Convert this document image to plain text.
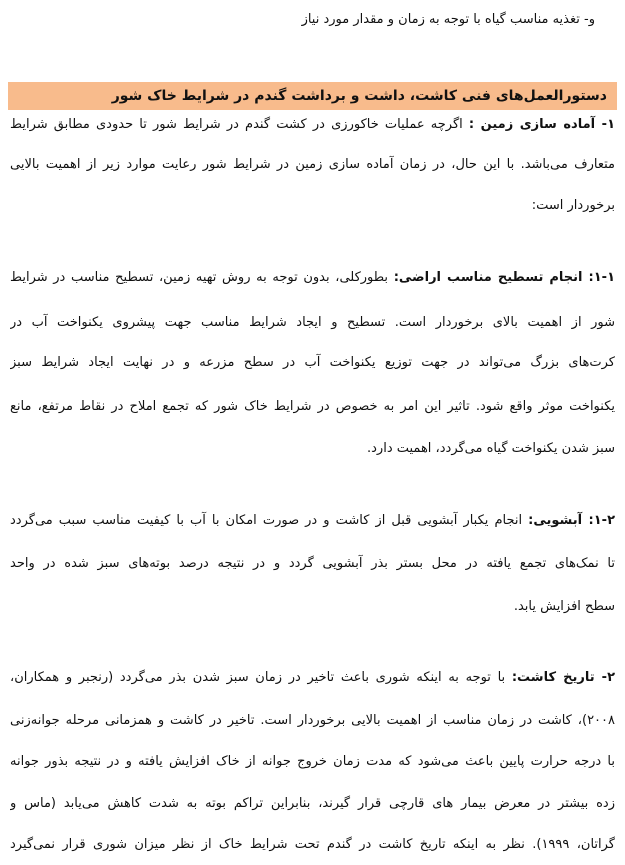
و- تغذیه مناسب گیاه با توجه به زمان و مقدار مورد نیاز
دستورالعمل‌های فنی کاشت، داشت و برداشت گندم در شرایط خاک شور
۱- آماده سازی زمین : اگرچه عملیات خاکورزی در کشت گندم در شرایط شور تا حدودی مطابق شرایط
متعارف می‌باشد. با این حال، در زمان آماده سازی زمین در شرایط شور رعایت موارد زیر از اهمیت بالایی
برخوردار است:
۱-۱: انجام تسطیح مناسب اراضی: بطورکلی، بدون توجه به روش تهیه زمین، تسطیح مناسب در شرایط
شور از اهمیت بالای برخوردار است. تسطیح و ایجاد شرایط مناسب جهت پیشروی یکنواخت آب در
کرت‌های بزرگ می‌تواند در جهت توزیع یکنواخت آب در سطح مزرعه و در نهایت ایجاد شرایط سبز
یکنواخت موثر واقع شود. تاثیر این امر به خصوص در شرایط خاک شور که تجمع املاح در نقاط مرتفع، مانع
سبز شدن یکنواخت گیاه می‌گردد، اهمیت دارد.
۱-۲: آبشویی: انجام یکبار آبشویی قبل از کاشت و در صورت امکان با آب با کیفیت مناسب سبب می‌گردد
تا نمک‌های تجمع یافته در محل بستر بذر آبشویی گردد و در نتیجه درصد بوته‌های سبز شده در واحد
سطح افزایش یابد.
۲- تاریخ کاشت: با توجه به اینکه شوری باعث تاخیر در زمان سبز شدن بذر می‌گردد (رنجبر و همکاران،
۲۰۰۸)، کاشت در زمان مناسب از اهمیت بالایی برخوردار است. تاخیر در کاشت و همزمانی مرحله جوانه‌زنی
با درجه حرارت پایین باعث می‌شود که مدت زمان خروج جوانه از خاک افزایش یافته و در نتیجه بذور جوانه
زده بیشتر در معرض بیمار های قارچی قرار گیرند، بنابراین تراکم بوته به شدت کاهش می‌یابد (ماس و
گراتان، ۱۹۹۹). نظر به اینکه تاریخ کاشت در گندم تحت شرایط خاک از نظر میزان شوری قرار نمی‌گیرد
